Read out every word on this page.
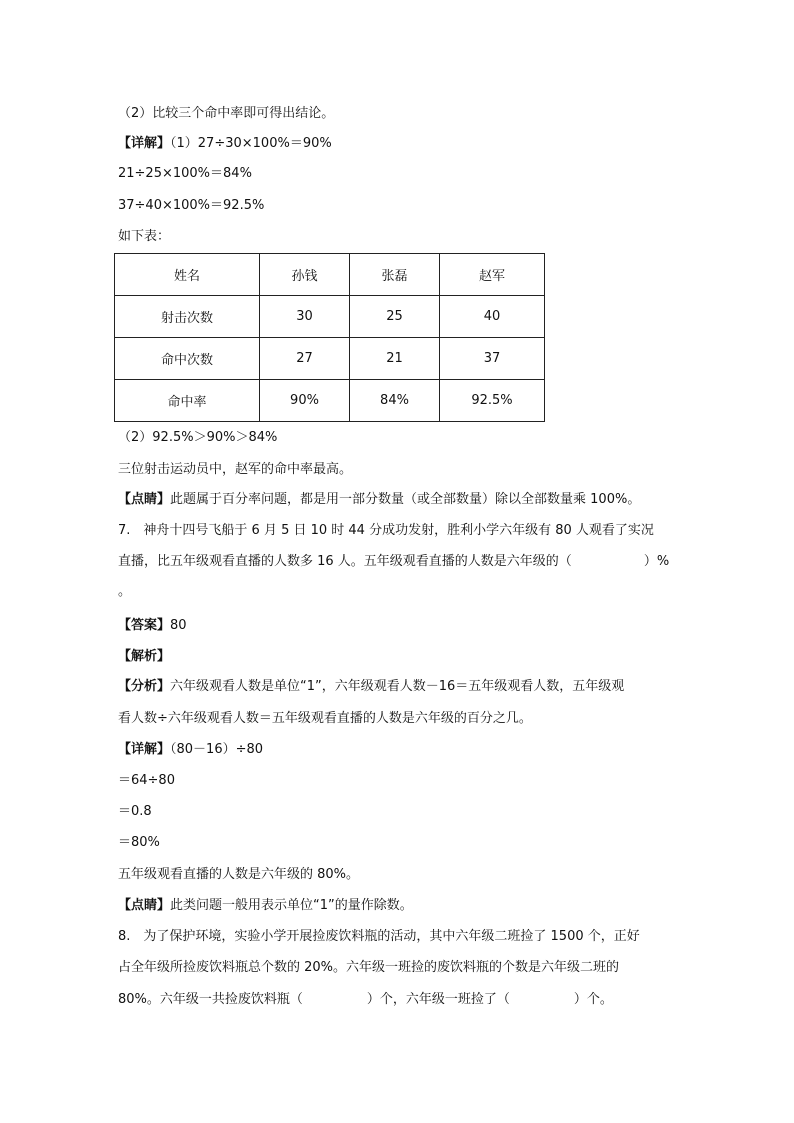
（2）比较三个命中率即可得出结论。
【详解】（1）27÷30×100%＝90%
21÷25×100%＝84%
37÷40×100%＝92.5%
如下表：
姓名	孙钱	张磊	赵军
射击次数	30	25	40
命中次数	27	21	37
命中率	90%	84%	92.5%
（2）92.5%＞90%＞84%
三位射击运动员中，赵军的命中率最高。
【点睛】此题属于百分率问题，都是用一部分数量（或全部数量）除以全部数量乘 100%。
7.　神舟十四号飞船于 6 月 5 日 10 时 44 分成功发射，胜利小学六年级有 80 人观看了实况
直播，比五年级观看直播的人数多 16 人。五年级观看直播的人数是六年级的（	）%
。
【答案】80
【解析】
【分析】六年级观看人数是单位“1”，六年级观看人数－16＝五年级观看人数，五年级观
看人数÷六年级观看人数＝五年级观看直播的人数是六年级的百分之几。
【详解】（80－16）÷80
＝64÷80
＝0.8
＝80%
五年级观看直播的人数是六年级的 80%。
【点睛】此类问题一般用表示单位“1”的量作除数。
8.　为了保护环境，实验小学开展捡废饮料瓶的活动，其中六年级二班捡了 1500 个，正好
占全年级所捡废饮料瓶总个数的 20%。六年级一班捡的废饮料瓶的个数是六年级二班的
80%。六年级一共捡废饮料瓶（	）个，六年级一班捡了（	）个。
